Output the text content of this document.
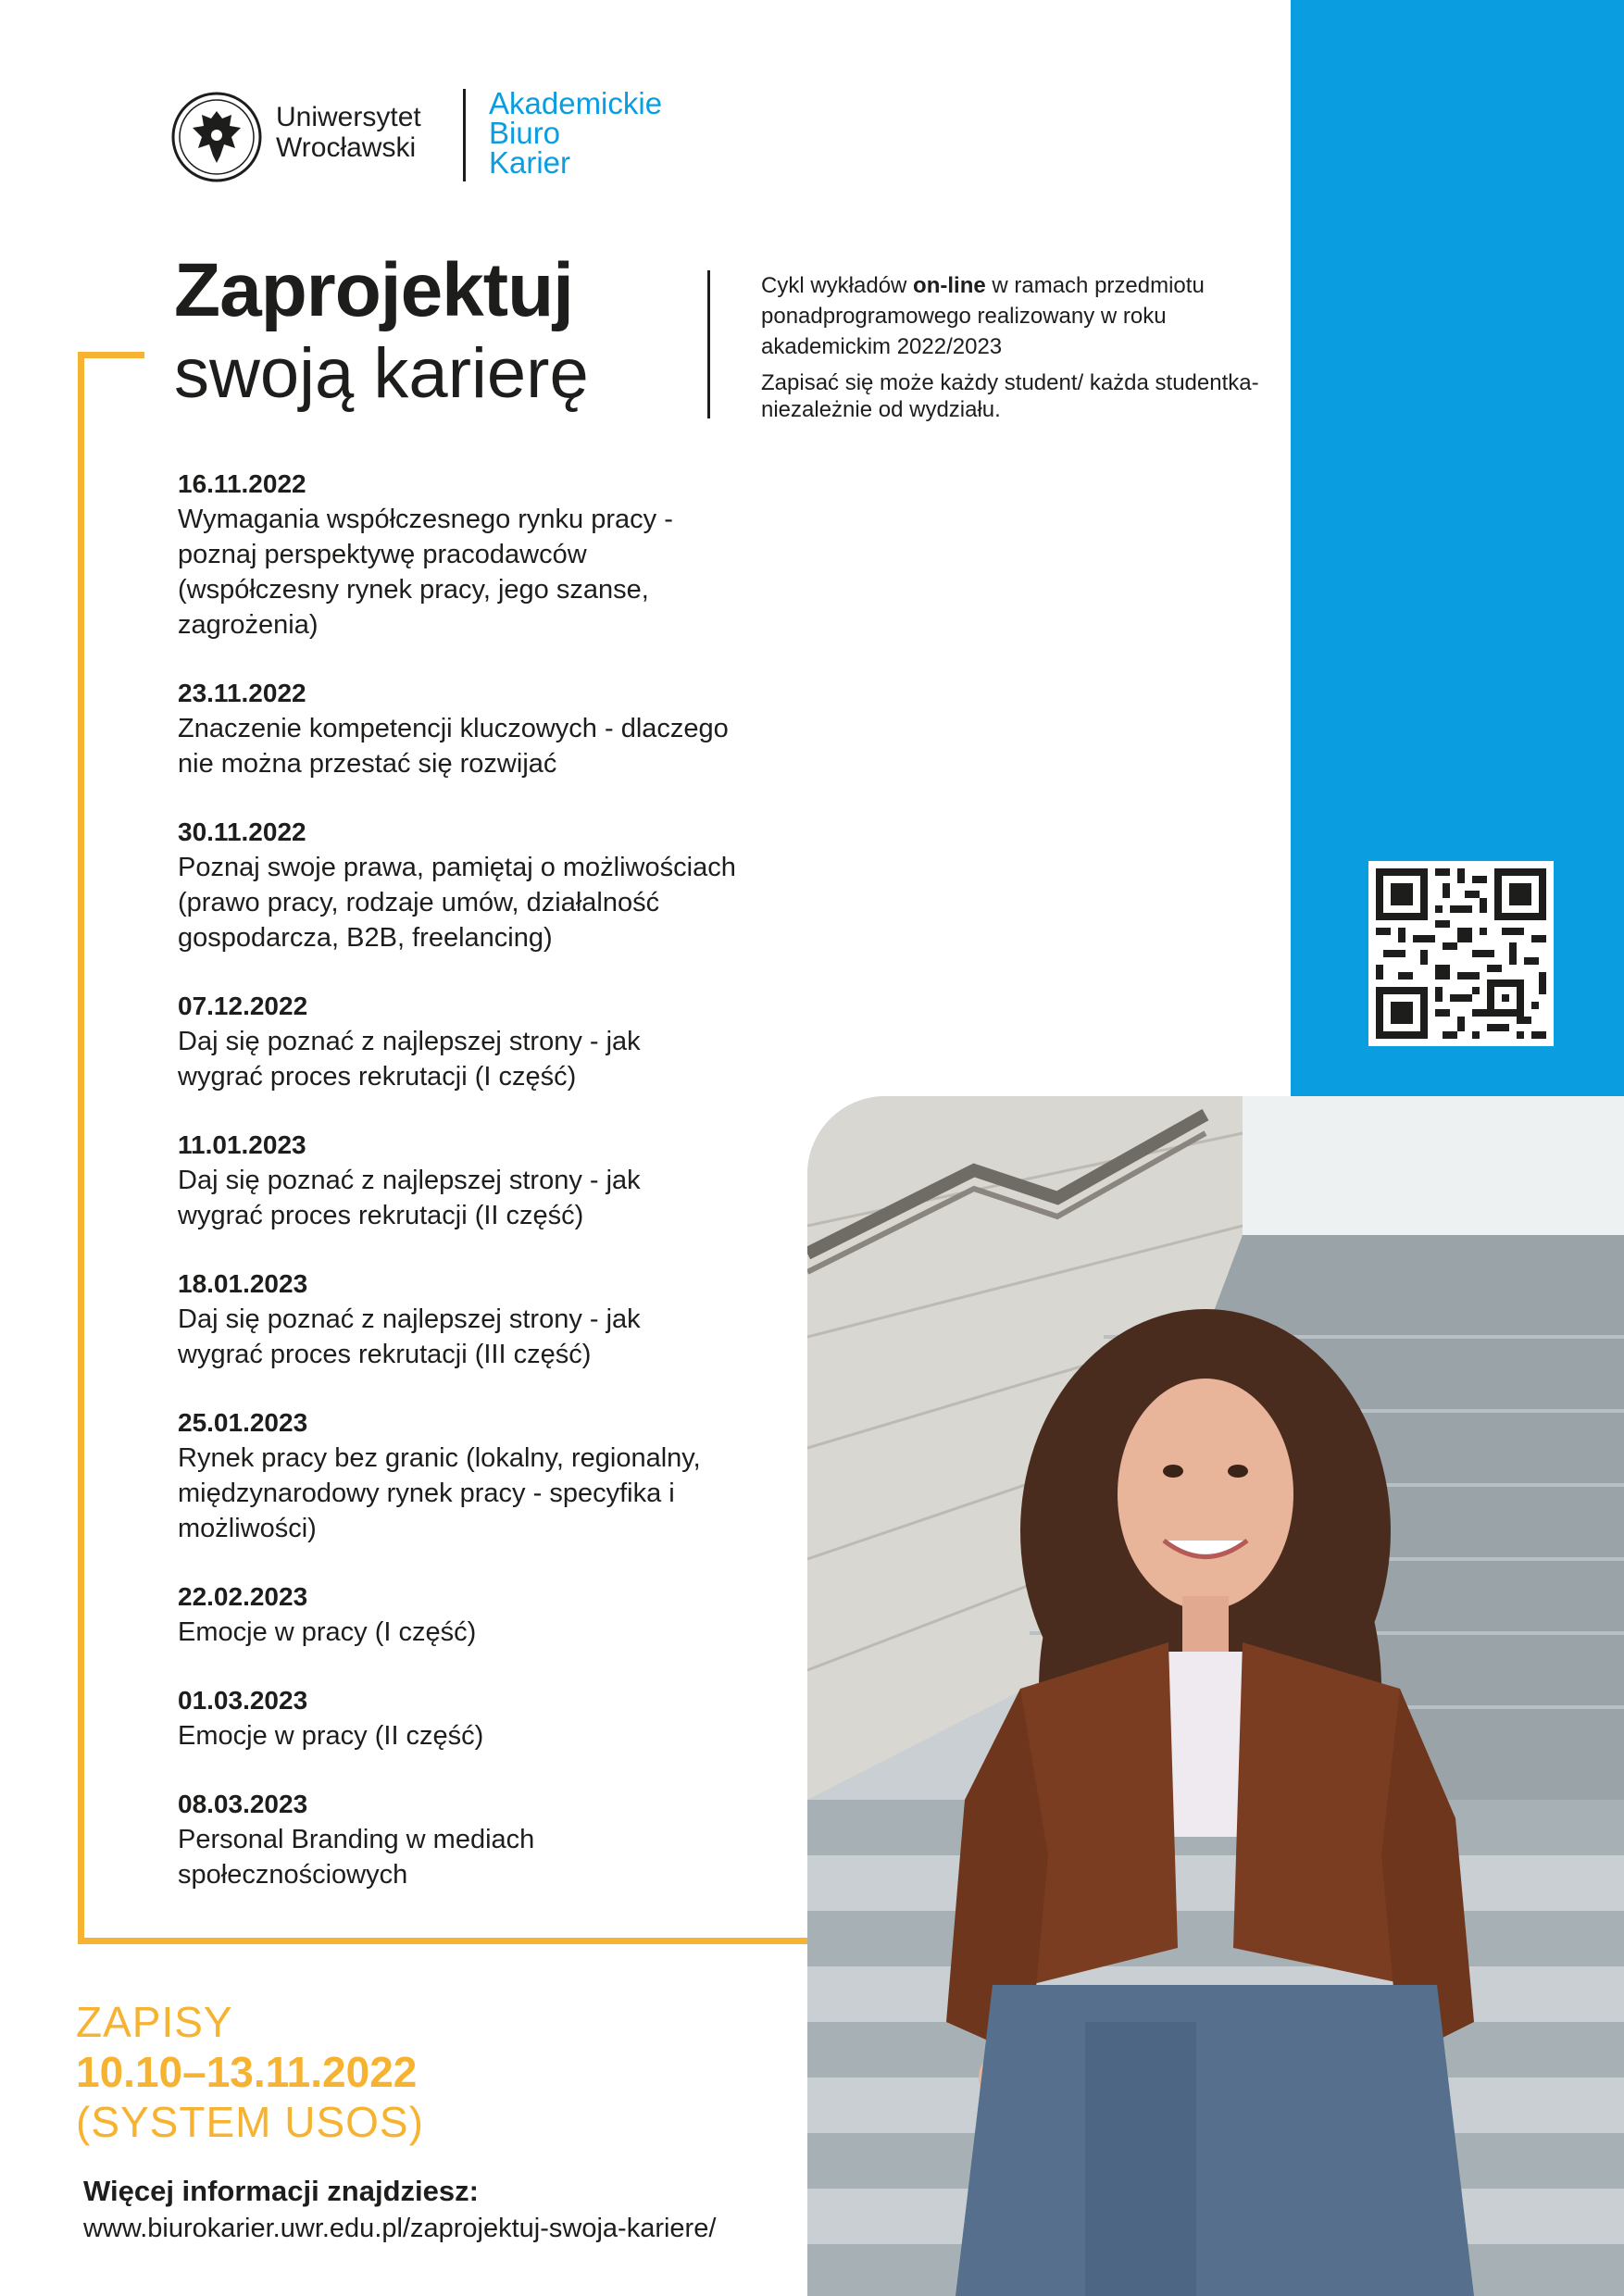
Uniwersytet
Wrocławski
Akademickie
Biuro
Karier
Zaprojektuj
swoją karierę

Cykl wykładów on-line w ramach przedmiotu ponadprogramowego realizowany w roku akademickim 2022/2023

Zapisać się może każdy student/ każda studentka- niezależnie od wydziału.

16.11.2022
Wymagania współczesnego rynku pracy - poznaj perspektywę pracodawców (współczesny rynek pracy, jego szanse, zagrożenia)
23.11.2022
Znaczenie kompetencji kluczowych - dlaczego nie można przestać się rozwijać
30.11.2022
Poznaj swoje prawa, pamiętaj o możliwościach (prawo pracy, rodzaje umów, działalność gospodarcza, B2B, freelancing)
07.12.2022
Daj się poznać z najlepszej strony - jak wygrać proces rekrutacji (I część)
11.01.2023
Daj się poznać z najlepszej strony - jak wygrać proces rekrutacji (II część)
18.01.2023
Daj się poznać z najlepszej strony - jak wygrać proces rekrutacji (III część)
25.01.2023
Rynek pracy bez granic (lokalny, regionalny, międzynarodowy rynek pracy - specyfika i możliwości)
22.02.2023
Emocje w pracy (I część)
01.03.2023
Emocje w pracy (II część)
08.03.2023
Personal Branding w mediach społecznościowych
ZAPISY
10.10–13.11.2022
(SYSTEM USOS)
Więcej informacji znajdziesz:
www.biurokarier.uwr.edu.pl/zaprojektuj-swoja-kariere/
